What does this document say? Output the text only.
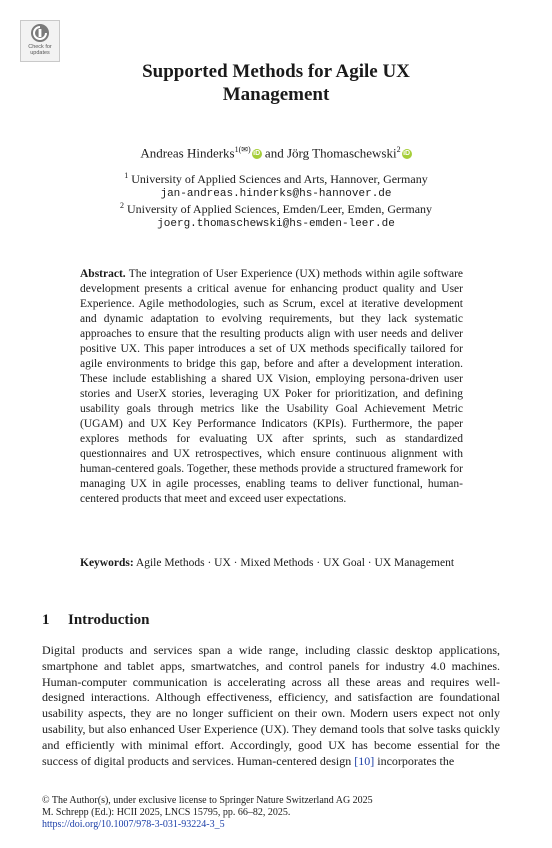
Check for
updates
Supported Methods for Agile UX
Management
Andreas Hinderks$^{1(✉)}$ iD and Jörg Thomaschewski$^2$ iD
$^1$ University of Applied Sciences and Arts, Hannover, Germany
jan-andreas.hinderks@hs-hannover.de
$^2$ University of Applied Sciences, Emden/Leer, Emden, Germany
joerg.thomaschewski@hs-emden-leer.de
Abstract. The integration of User Experience (UX) methods within agile software development presents a critical avenue for enhancing product quality and User Experience. Agile methodologies, such as Scrum, excel at iterative development and dynamic adaptation to evolving requirements, but they lack systematic approaches to ensure that the resulting products align with user needs and deliver positive UX. This paper introduces a set of UX methods specifically tailored for agile environments to bridge this gap, before and after a development interation. These include establishing a shared UX Vision, employing persona-driven user stories and UserX stories, leveraging UX Poker for prioritization, and defining usability goals through metrics like the Usability Goal Achievement Metric (UGAM) and UX Key Performance Indicators (KPIs). Furthermore, the paper explores methods for evaluating UX after sprints, such as standardized questionnaires and UX retrospectives, which ensure continuous alignment with human-centered goals. Together, these methods provide a structured framework for managing UX in agile processes, enabling teams to deliver functional, human-centered products that meet and exceed user expectations.
Keywords: Agile Methods · UX · Mixed Methods · UX Goal · UX Management
1 Introduction
Digital products and services span a wide range, including classic desktop applications, smartphone and tablet apps, smartwatches, and control panels for industry 4.0 machines. Human-computer communication is accelerating across all these areas and requires well-designed interactions. Although effectiveness, efficiency, and satisfaction are foundational usability aspects, they are no longer sufficient on their own. Modern users expect not only usability, but also enhanced User Experience (UX). They demand tools that solve tasks quickly and efficiently with minimal effort. Accordingly, good UX has become essential for the success of digital products and services. Human-centered design [10] incorporates the
© The Author(s), under exclusive license to Springer Nature Switzerland AG 2025
M. Schrepp (Ed.): HCII 2025, LNCS 15795, pp. 66–82, 2025.
https://doi.org/10.1007/978-3-031-93224-3_5
